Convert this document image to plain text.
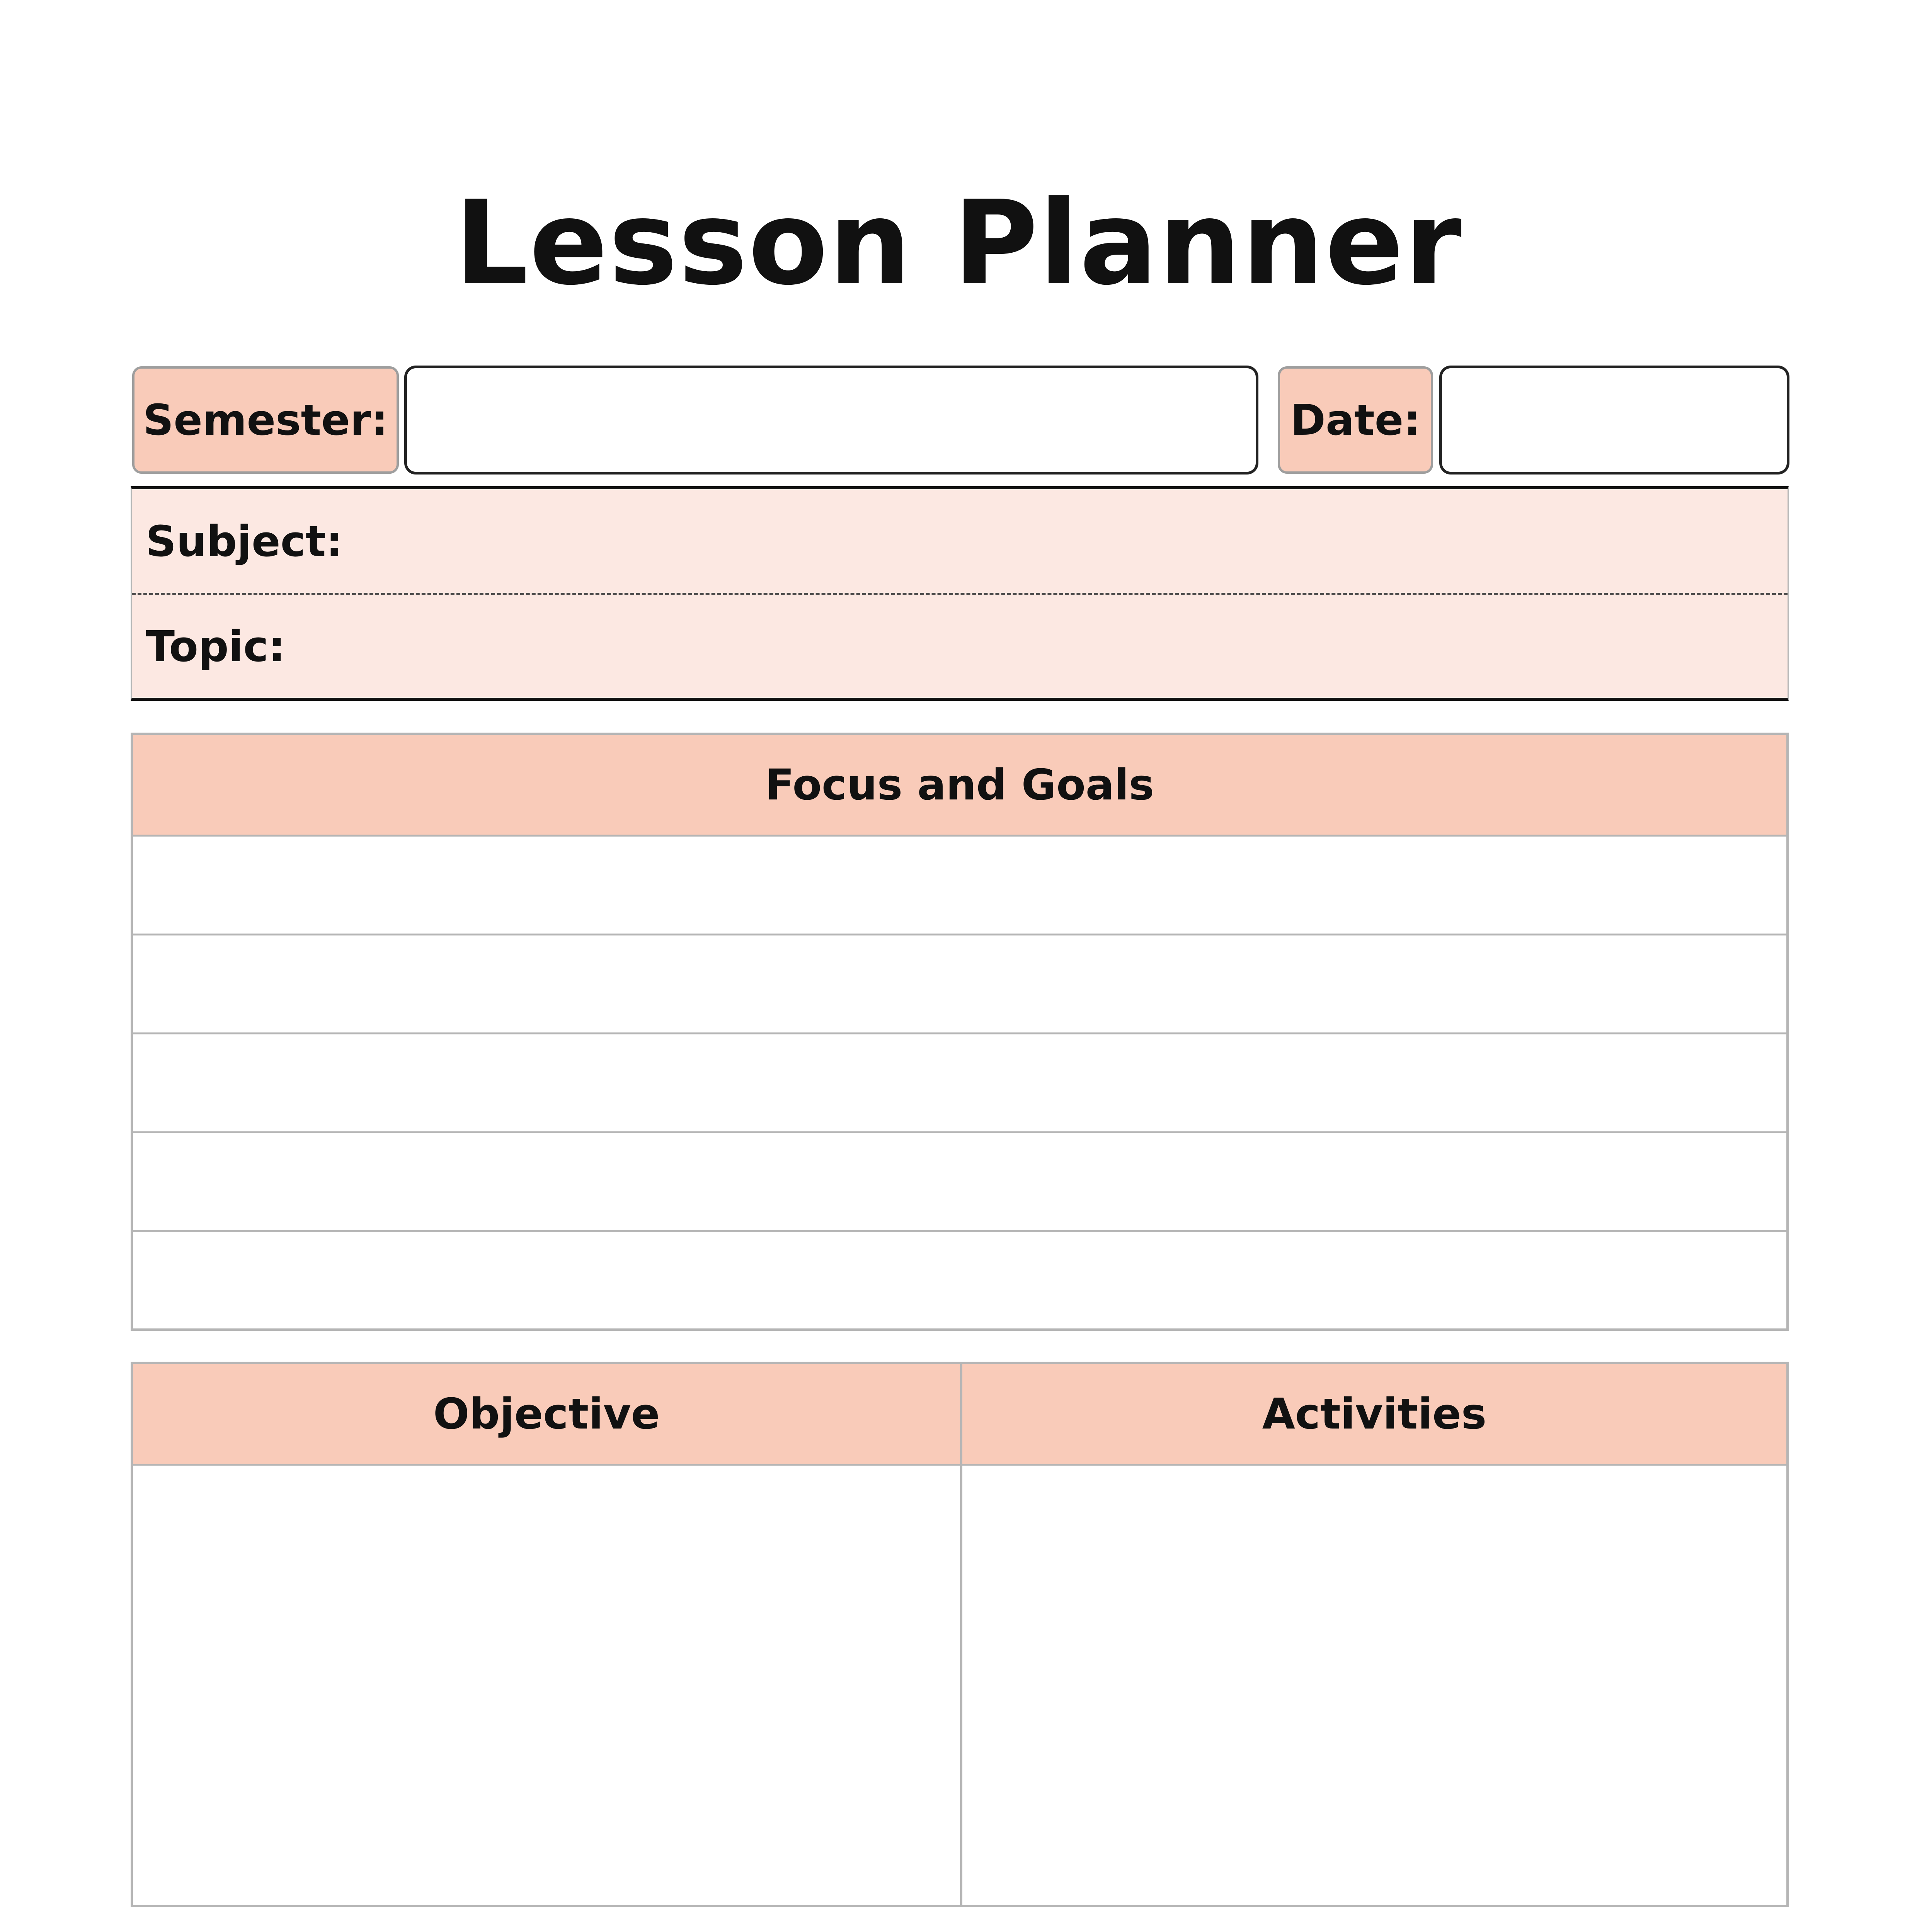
Lesson Planner
Semester:	Date:
Subject:
Topic:
Focus and Goals
Objective	Activities
